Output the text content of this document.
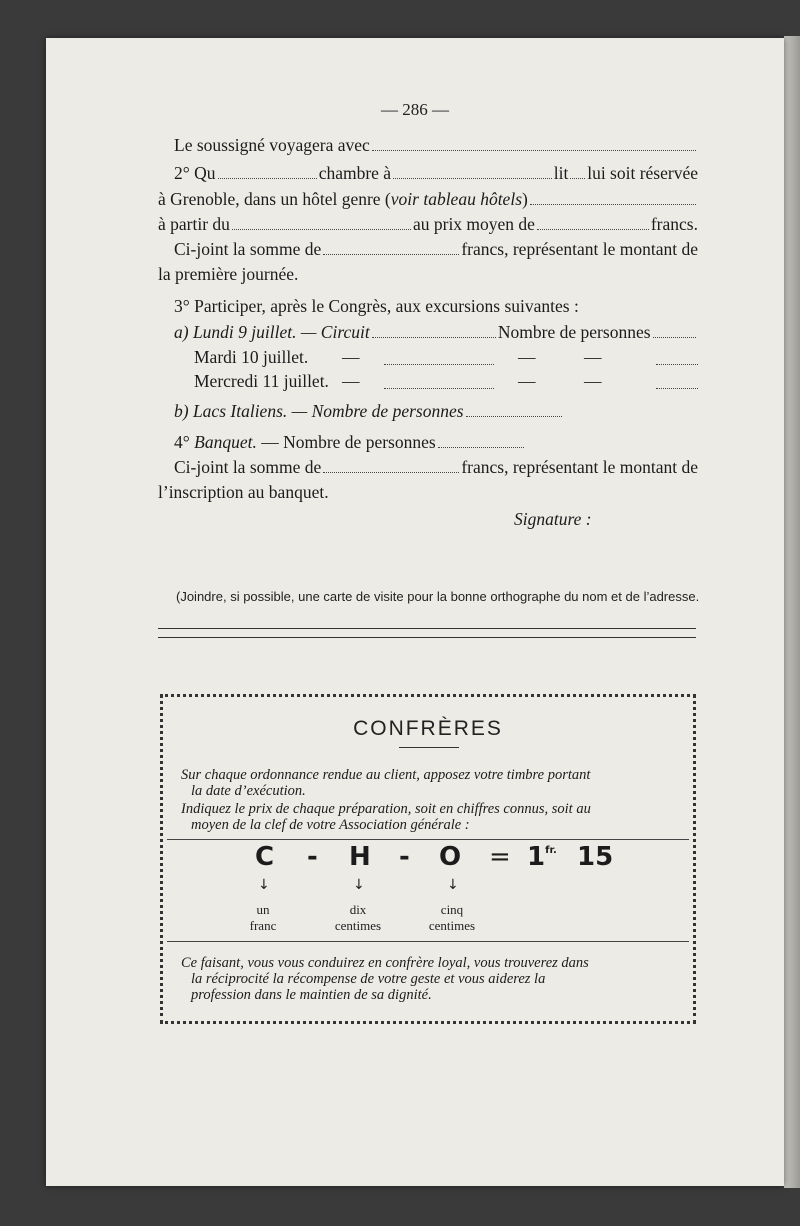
— 286 —
Le soussigné voyagera avec
2° Qu	chambre à	lit lui soit réservée
à Grenoble, dans un hôtel genre ( voir tableau hôtels )
à partir du	au prix moyen de	francs.
Ci-joint la somme de	francs, représentant le montant de
la première journée.
3° Participer, après le Congrès, aux excursions suivantes :
a) Lundi 9 juillet. — Circuit	Nombre de personnes
Mardi 10 juillet. —	—	—
Mercredi 11 juillet. —	—	—
b) Lacs Italiens. — Nombre de personnes
4°
Banquet.
— Nombre de personnes
Ci-joint la somme de	francs, représentant le montant de
l’inscription au banquet.
Signature :
(Joindre, si possible, une carte de visite pour la bonne orthographe du nom et de l’adresse.
CONFRÈRES
Sur chaque ordonnance rendue au client, apposez votre timbre portant
la date d’exécution.
Indiquez le prix de chaque préparation, soit en chiffres connus, soit au
moyen de la clef de votre Association générale :
$C - H - O = 1^{fr.}$ 15
↓	↓	↓
un
franc
dix
centimes
cinq
centimes
Ce faisant, vous vous conduirez en confrère loyal, vous trouverez dans
la réciprocité la récompense de votre geste et vous aiderez la
profession dans le maintien de sa dignité.
